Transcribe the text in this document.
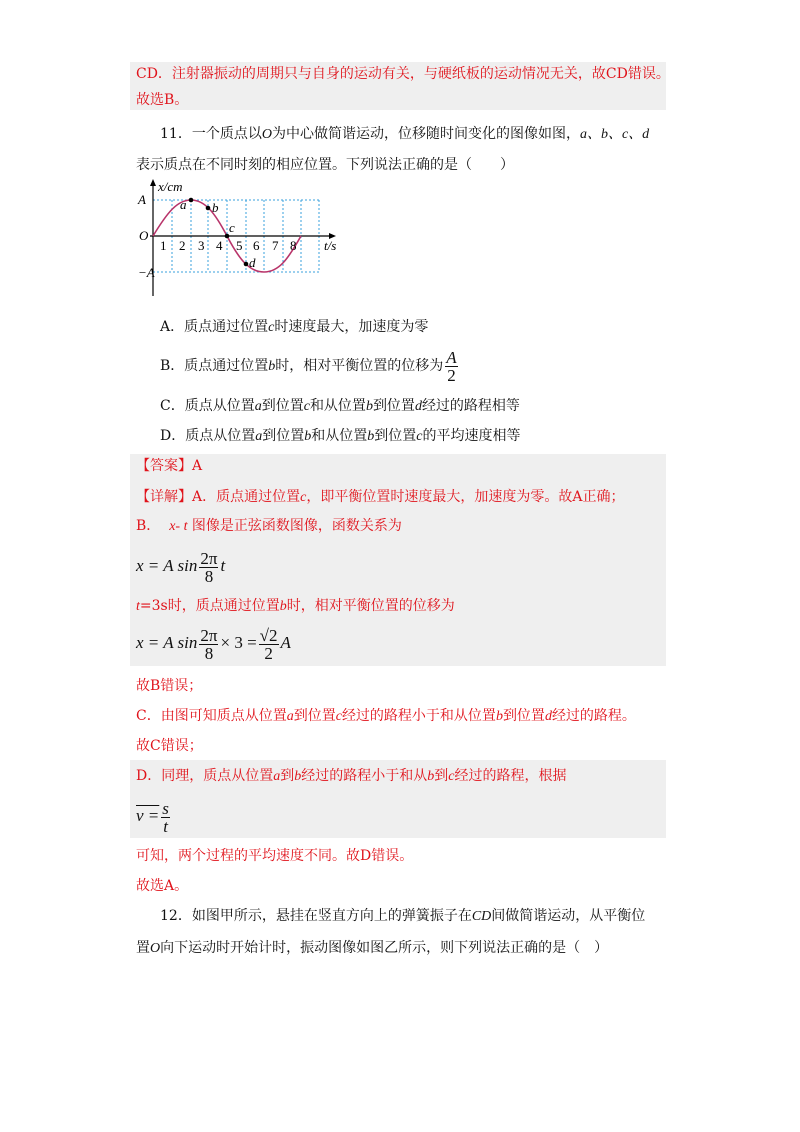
CD．注射器振动的周期只与自身的运动有关，与硬纸板的运动情况无关，故CD错误。
故选B。
11．一个质点以O为中心做简谐运动，位移随时间变化的图像如图，a、b、c、d
表示质点在不同时刻的相应位置。下列说法正确的是（　　）
x/cm
t/s
A
−A
O
1 2 3 4 5 6 7 8
a b
c
d
A．质点通过位置c时速度最大，加速度为零
B．质点通过位置b时，相对平衡位置的位移为 $\frac{A}{2}$
C．质点从位置a到位置c和从位置b到位置d经过的路程相等
D．质点从位置a到位置b和从位置b到位置c的平均速度相等
【答案】A
【详解】A．质点通过位置c，即平衡位置时速度最大，加速度为零。故A正确；
B． x- t 图像是正弦函数图像，函数关系为
x = A $\sin \frac{2\pi}{8}$ t
t=3s时，质点通过位置b时，相对平衡位置的位移为
x = A $\sin \frac{2\pi}{8} \times 3 = \frac{√2}{2}$ A
故B错误；
C．由图可知质点从位置a到位置c经过的路程小于和从位置b到位置d经过的路程。
故C错误；
D．同理，质点从位置a到b经过的路程小于和从b到c经过的路程，根据
$v = \frac{s}{t}$
可知，两个过程的平均速度不同。故D错误。
故选A。
12．如图甲所示，悬挂在竖直方向上的弹簧振子在CD间做简谐运动，从平衡位
置O向下运动时开始计时，振动图像如图乙所示，则下列说法正确的是（　）
